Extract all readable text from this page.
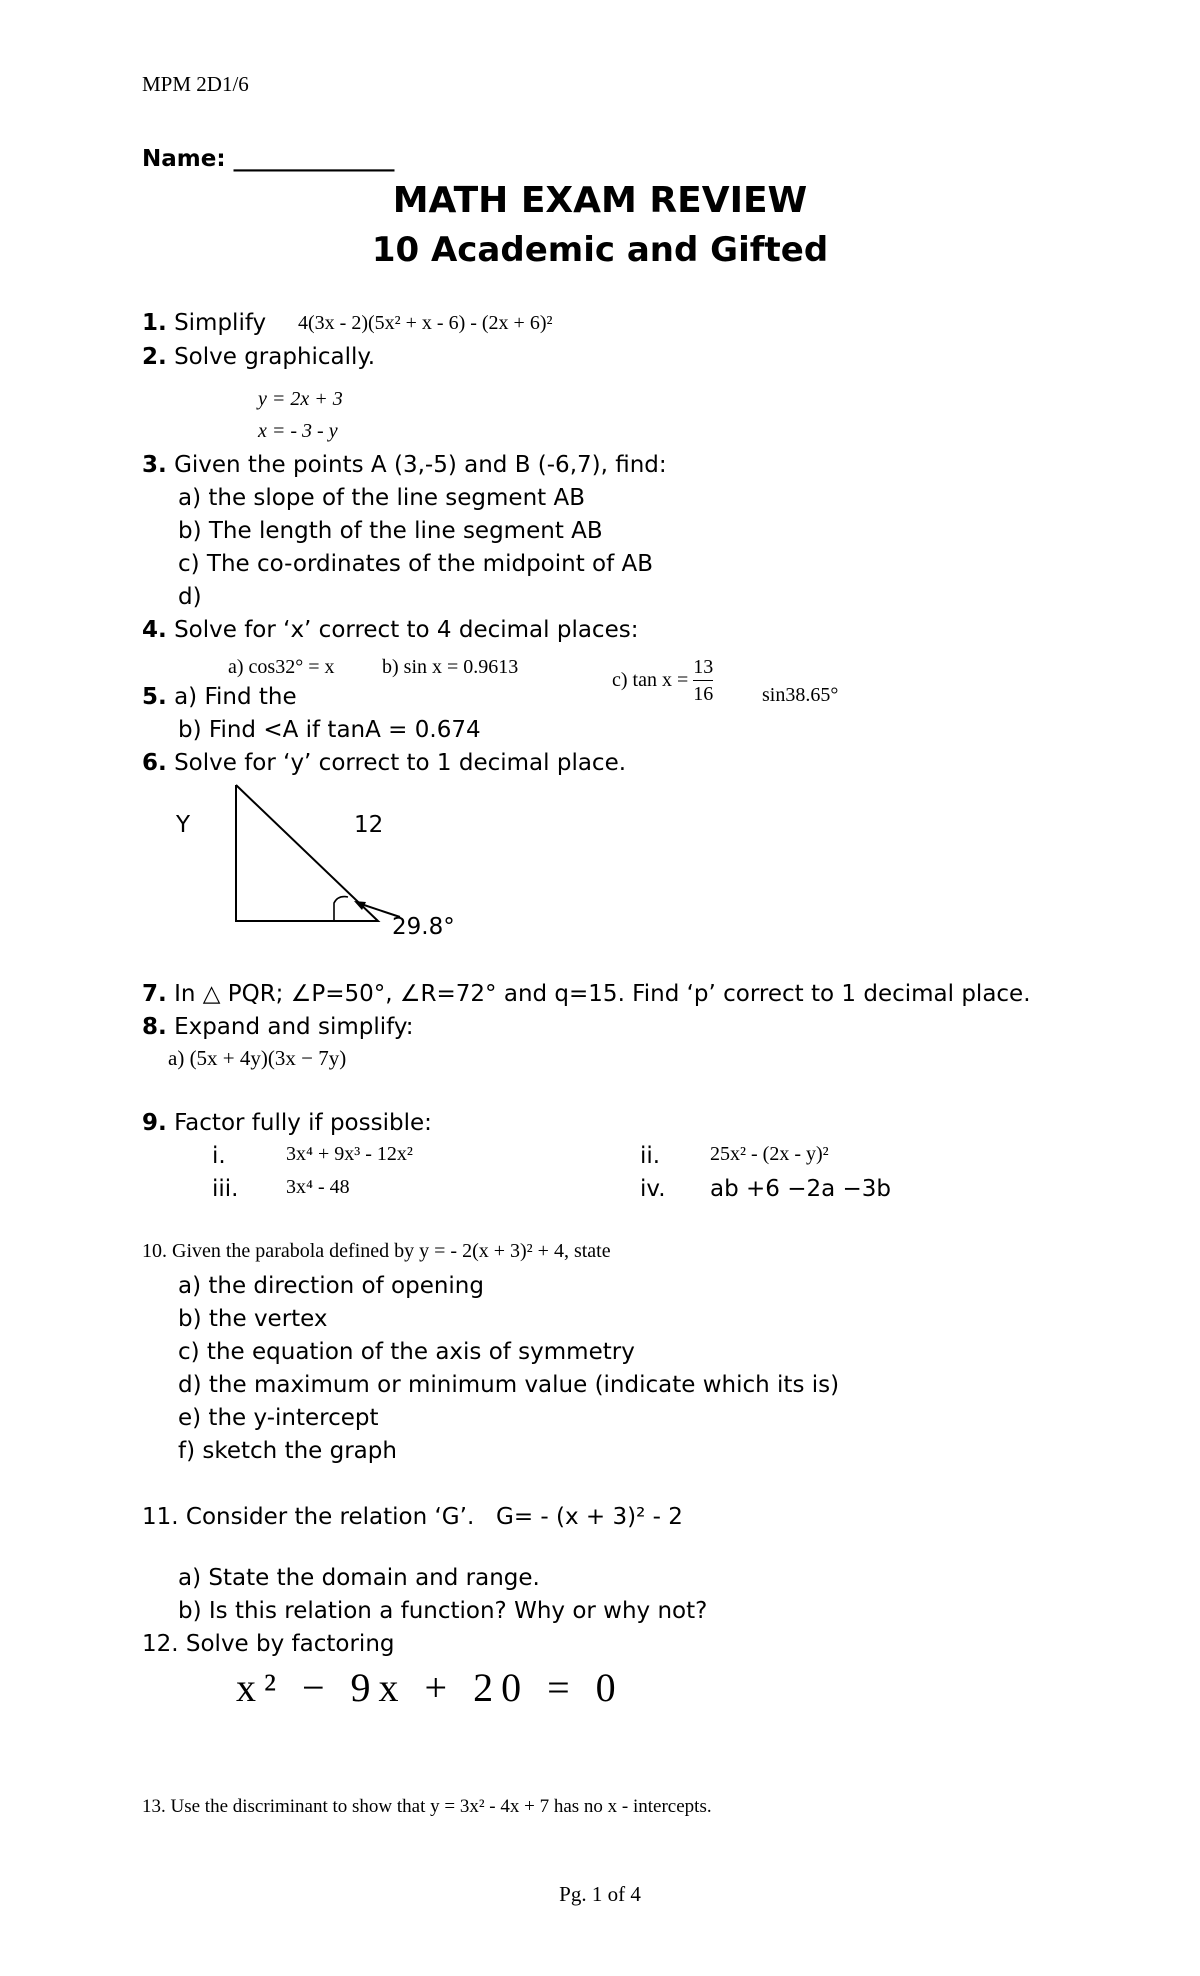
MPM 2D1/6
Name: ______________
MATH EXAM REVIEW
10 Academic and Gifted
1. Simplify 4(3x - 2)(5x² + x - 6) - (2x + 6)²
2. Solve graphically.
y = 2x + 3
x = - 3 - y
3. Given the points A (3,-5) and B (-6,7), find:
a) the slope of the line segment AB
b) The length of the line segment AB
c) The co-ordinates of the midpoint of AB
d)
4. Solve for ‘x’ correct to 4 decimal places:
a) cos32° = x b) sin x = 0.9613
c) $\tan x = \frac{13}{16} \sin 38.65^\circ$
5. a) Find the
b) Find <A if tanA = 0.674
6. Solve for ‘y’ correct to 1 decimal place.
Y	12
29.8°
7. In △ PQR; ∠P=50°, ∠R=72° and q=15. Find ‘p’ correct to 1 decimal place.
8. Expand and simplify:
a) (5x + 4y)(3x − 7y)
9. Factor fully if possible:
i.	3x⁴ + 9x³ - 12x²	ii. 25x² - (2x - y)²
iii. 3x⁴ - 48	iv. ab +6 −2a −3b
10. Given the parabola defined by y = - 2(x + 3)² + 4, state
a) the direction of opening
b) the vertex
c) the equation of the axis of symmetry
d) the maximum or minimum value (indicate which its is)
e) the y-intercept
f) sketch the graph
11. Consider the relation ‘G’. G= - (x + 3)² - 2
a) State the domain and range.
b) Is this relation a function? Why or why not?
12. Solve by factoring
x² − 9x + 20 = 0
13. Use the discriminant to show that y = 3x² - 4x + 7 has no x - intercepts.
Pg. 1 of 4
